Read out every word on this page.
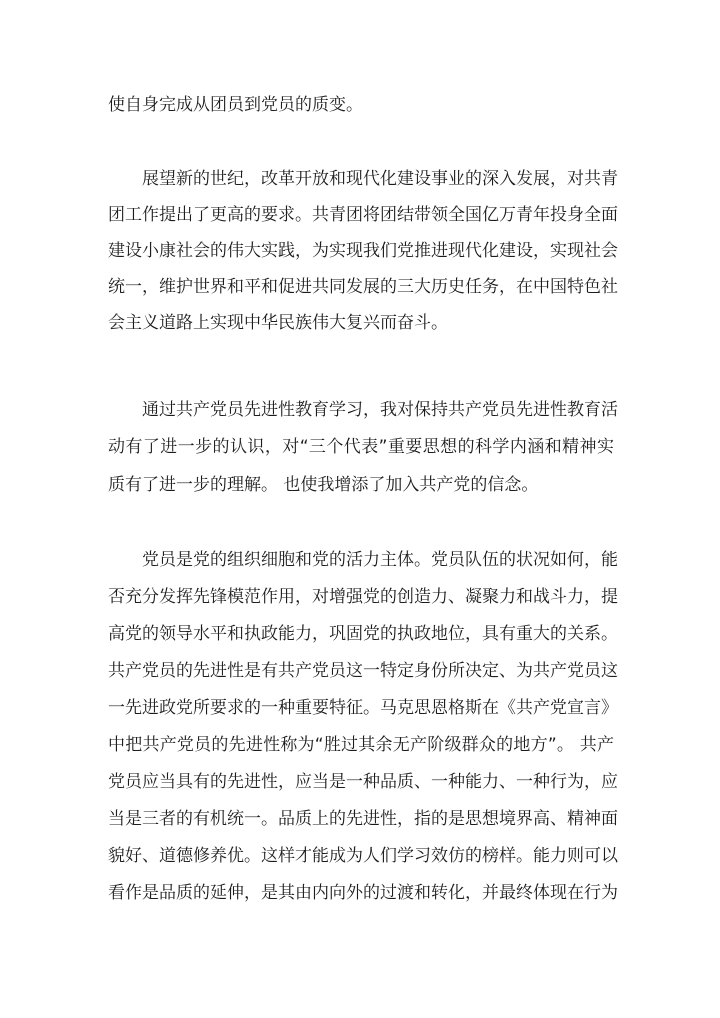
使自身完成从团员到党员的质变。
展望新的世纪，改革开放和现代化建设事业的深入发展，对共青
团工作提出了更高的要求。共青团将团结带领全国亿万青年投身全面
建设小康社会的伟大实践，为实现我们党推进现代化建设，实现社会
统一，维护世界和平和促进共同发展的三大历史任务，在中国特色社
会主义道路上实现中华民族伟大复兴而奋斗。
通过共产党员先进性教育学习，我对保持共产党员先进性教育活
动有了进一步的认识，对“三个代表”重要思想的科学内涵和精神实
质有了进一步的理解。 也使我增添了加入共产党的信念。
党员是党的组织细胞和党的活力主体。党员队伍的状况如何，能
否充分发挥先锋模范作用，对增强党的创造力、凝聚力和战斗力，提
高党的领导水平和执政能力，巩固党的执政地位，具有重大的关系。
共产党员的先进性是有共产党员这一特定身份所决定、为共产党员这
一先进政党所要求的一种重要特征。马克思恩格斯在《共产党宣言》
中把共产党员的先进性称为“胜过其余无产阶级群众的地方”。 共产
党员应当具有的先进性，应当是一种品质、一种能力、一种行为，应
当是三者的有机统一。品质上的先进性，指的是思想境界高、精神面
貌好、道德修养优。这样才能成为人们学习效仿的榜样。能力则可以
看作是品质的延伸，是其由内向外的过渡和转化，并最终体现在行为
